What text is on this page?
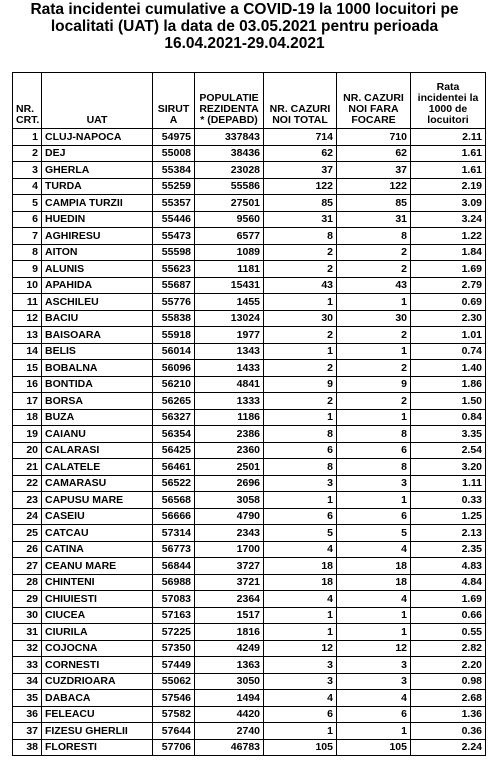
Rata incidentei cumulative a COVID-19 la 1000 locuitori pe
localitati (UAT) la data de 03.05.2021 pentru perioada
16.04.2021-29.04.2021
NR. CRT.	UAT	SIRUT A	POPULATIE REZIDENTA * (DEPABD)	NR. CAZURI NOI TOTAL	NR. CAZURI NOI FARA FOCARE	Rata incidentei la 1000 de locuitori
1	CLUJ-NAPOCA	54975	337843	714	710	2.11
2	DEJ	55008	38436	62	62	1.61
3	GHERLA	55384	23028	37	37	1.61
4	TURDA	55259	55586	122	122	2.19
5	CAMPIA TURZII	55357	27501	85	85	3.09
6	HUEDIN	55446	9560	31	31	3.24
7	AGHIRESU	55473	6577	8	8	1.22
8	AITON	55598	1089	2	2	1.84
9	ALUNIS	55623	1181	2	2	1.69
10	APAHIDA	55687	15431	43	43	2.79
11	ASCHILEU	55776	1455	1	1	0.69
12	BACIU	55838	13024	30	30	2.30
13	BAISOARA	55918	1977	2	2	1.01
14	BELIS	56014	1343	1	1	0.74
15	BOBALNA	56096	1433	2	2	1.40
16	BONTIDA	56210	4841	9	9	1.86
17	BORSA	56265	1333	2	2	1.50
18	BUZA	56327	1186	1	1	0.84
19	CAIANU	56354	2386	8	8	3.35
20	CALARASI	56425	2360	6	6	2.54
21	CALATELE	56461	2501	8	8	3.20
22	CAMARASU	56522	2696	3	3	1.11
23	CAPUSU MARE	56568	3058	1	1	0.33
24	CASEIU	56666	4790	6	6	1.25
25	CATCAU	57314	2343	5	5	2.13
26	CATINA	56773	1700	4	4	2.35
27	CEANU MARE	56844	3727	18	18	4.83
28	CHINTENI	56988	3721	18	18	4.84
29	CHIUIESTI	57083	2364	4	4	1.69
30	CIUCEA	57163	1517	1	1	0.66
31	CIURILA	57225	1816	1	1	0.55
32	COJOCNA	57350	4249	12	12	2.82
33	CORNESTI	57449	1363	3	3	2.20
34	CUZDRIOARA	55062	3050	3	3	0.98
35	DABACA	57546	1494	4	4	2.68
36	FELEACU	57582	4420	6	6	1.36
37	FIZESU GHERLII	57644	2740	1	1	0.36
38	FLORESTI	57706	46783	105	105	2.24
